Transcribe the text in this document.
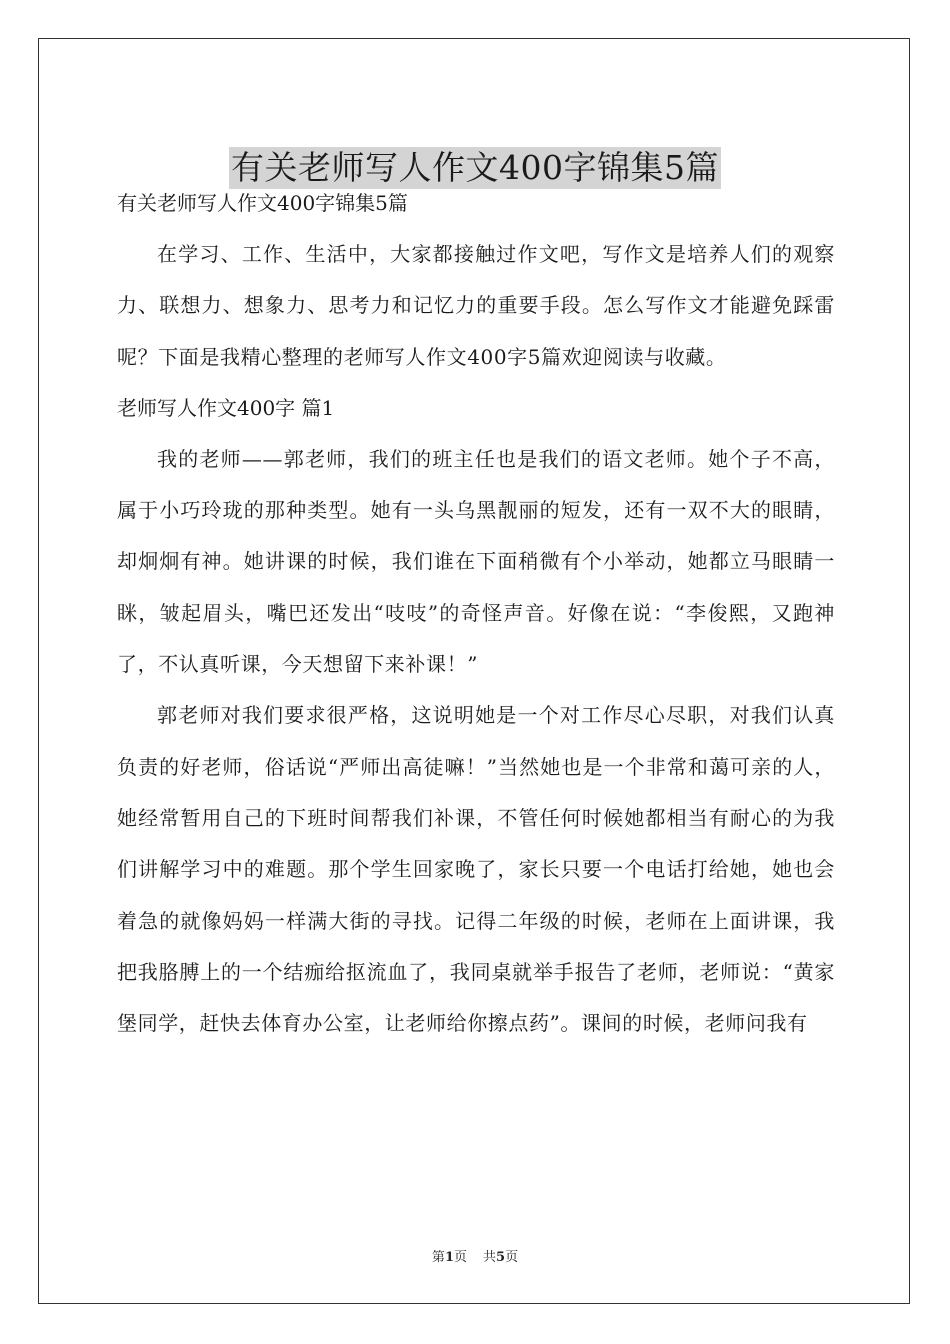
有关老师写人作文400字锦集5篇

有关老师写人作文400字锦集5篇

在学习、工作、生活中，大家都接触过作文吧，写作文是培养人们的观察力、联想力、想象力、思考力和记忆力的重要手段。怎么写作文才能避免踩雷呢？下面是我精心整理的老师写人作文400字5篇欢迎阅读与收藏。

老师写人作文400字 篇1

我的老师——郭老师，我们的班主任也是我们的语文老师。她个子不高，属于小巧玲珑的那种类型。她有一头乌黑靓丽的短发，还有一双不大的眼睛，却炯炯有神。她讲课的时候，我们谁在下面稍微有个小举动，她都立马眼睛一眯，皱起眉头，嘴巴还发出“吱吱”的奇怪声音。好像在说：“李俊熙，又跑神了，不认真听课，今天想留下来补课！”

郭老师对我们要求很严格，这说明她是一个对工作尽心尽职，对我们认真负责的好老师，俗话说“严师出高徒嘛！”当然她也是一个非常和蔼可亲的人，她经常暂用自己的下班时间帮我们补课，不管任何时候她都相当有耐心的为我们讲解学习中的难题。那个学生回家晚了，家长只要一个电话打给她，她也会着急的就像妈妈一样满大街的寻找。记得二年级的时候，老师在上面讲课，我把我胳膊上的一个结痂给抠流血了，我同桌就举手报告了老师，老师说：“黄家堡同学，赶快去体育办公室，让老师给你擦点药”。课间的时候，老师问我有

第1页 共5页
